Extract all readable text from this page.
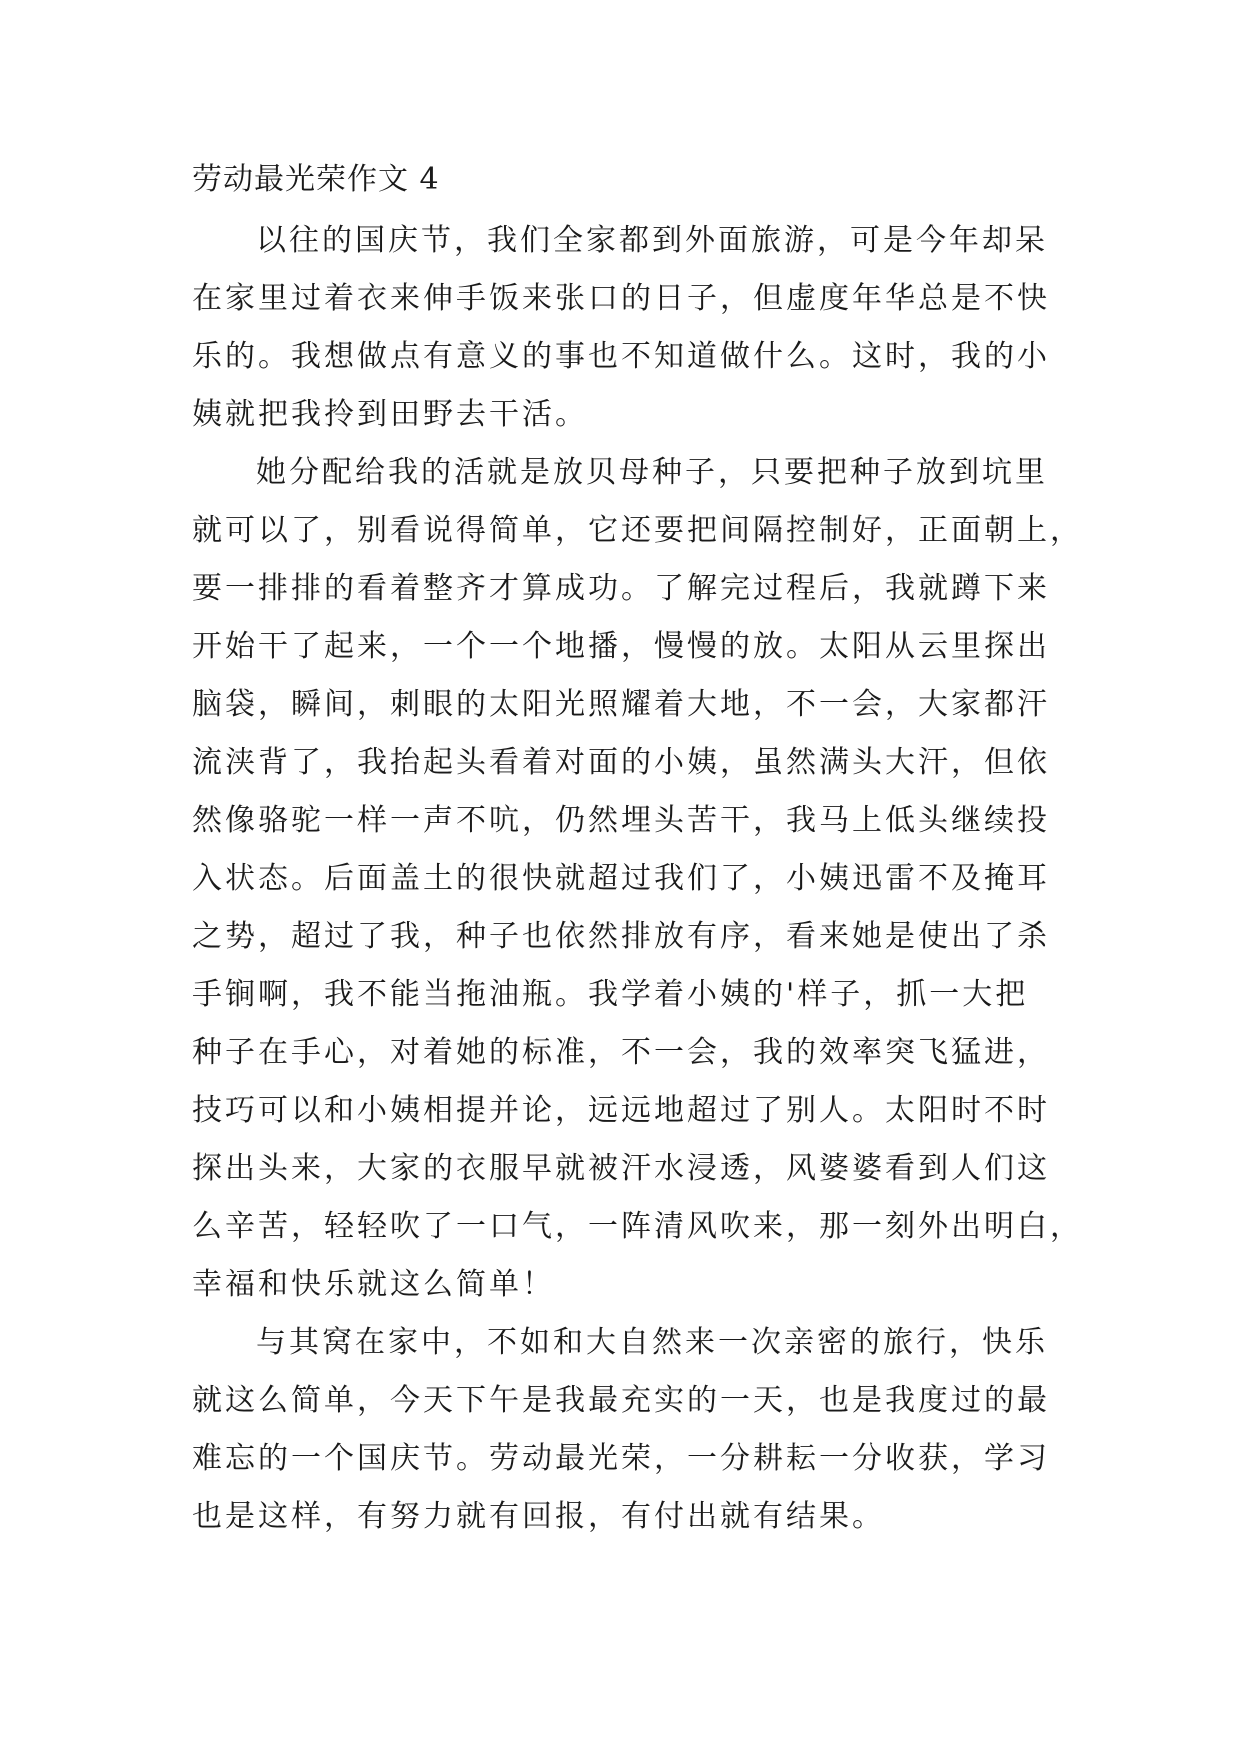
劳动最光荣作文 4
以往的国庆节，我们全家都到外面旅游，可是今年却呆
在家里过着衣来伸手饭来张口的日子，但虚度年华总是不快
乐的。我想做点有意义的事也不知道做什么。这时，我的小
姨就把我拎到田野去干活。
她分配给我的活就是放贝母种子，只要把种子放到坑里
就可以了，别看说得简单，它还要把间隔控制好，正面朝上，
要一排排的看着整齐才算成功。了解完过程后，我就蹲下来
开始干了起来，一个一个地播，慢慢的放。太阳从云里探出
脑袋，瞬间，刺眼的太阳光照耀着大地，不一会，大家都汗
流浃背了，我抬起头看着对面的小姨，虽然满头大汗，但依
然像骆驼一样一声不吭，仍然埋头苦干，我马上低头继续投
入状态。后面盖土的很快就超过我们了，小姨迅雷不及掩耳
之势，超过了我，种子也依然排放有序，看来她是使出了杀
手锏啊，我不能当拖油瓶。我学着小姨的'样子，抓一大把
种子在手心，对着她的标准，不一会，我的效率突飞猛进，
技巧可以和小姨相提并论，远远地超过了别人。太阳时不时
探出头来，大家的衣服早就被汗水浸透，风婆婆看到人们这
么辛苦，轻轻吹了一口气，一阵清风吹来，那一刻外出明白，
幸福和快乐就这么简单！
与其窝在家中，不如和大自然来一次亲密的旅行，快乐
就这么简单，今天下午是我最充实的一天，也是我度过的最
难忘的一个国庆节。劳动最光荣，一分耕耘一分收获，学习
也是这样，有努力就有回报，有付出就有结果。
